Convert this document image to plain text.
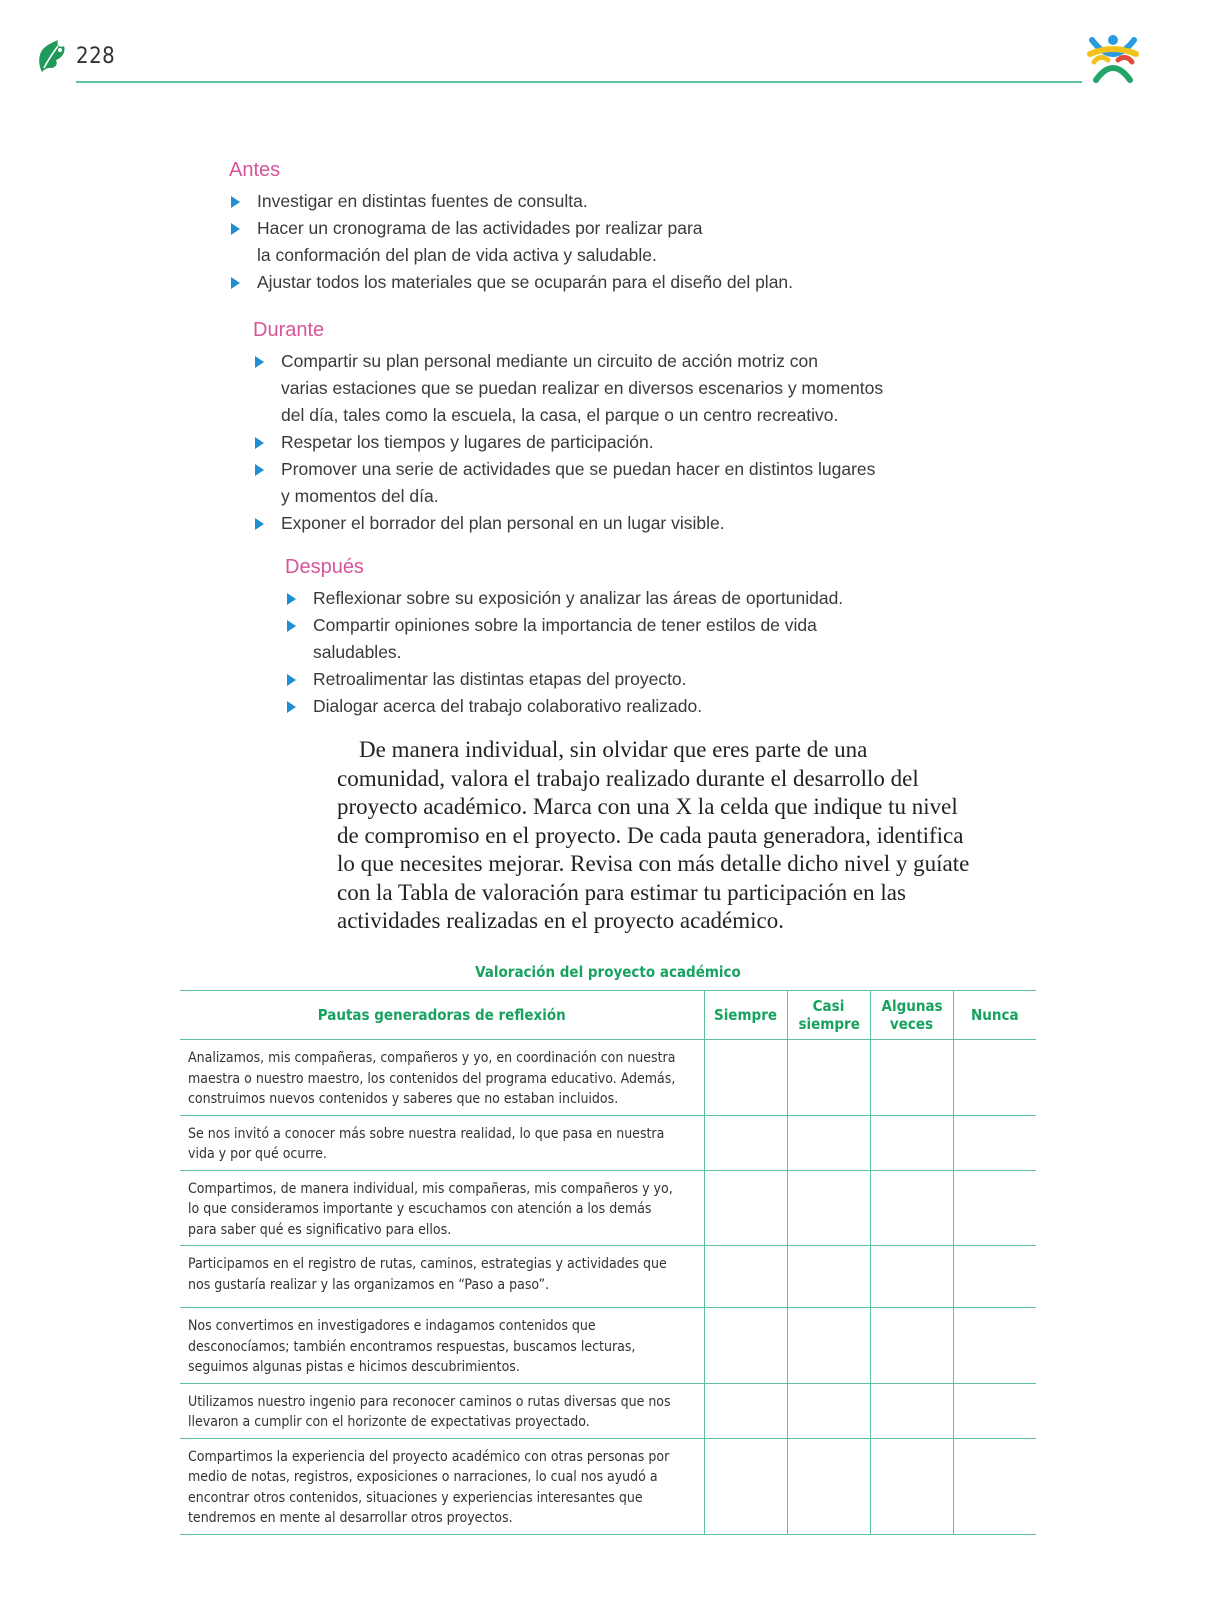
228
Antes
Investigar en distintas fuentes de consulta.
Hacer un cronograma de las actividades por realizar para
la conformación del plan de vida activa y saludable.
Ajustar todos los materiales que se ocuparán para el diseño del plan.
Durante
Compartir su plan personal mediante un circuito de acción motriz con
varias estaciones que se puedan realizar en diversos escenarios y momentos
del día, tales como la escuela, la casa, el parque o un centro recreativo.
Respetar los tiempos y lugares de participación.
Promover una serie de actividades que se puedan hacer en distintos lugares
y momentos del día.
Exponer el borrador del plan personal en un lugar visible.
Después
Reflexionar sobre su exposición y analizar las áreas de oportunidad.
Compartir opiniones sobre la importancia de tener estilos de vida
saludables.
Retroalimentar las distintas etapas del proyecto.
Dialogar acerca del trabajo colaborativo realizado.

De manera individual, sin olvidar que eres parte de una comunidad, valora el trabajo realizado durante el desarrollo del proyecto académico. Marca con una X la celda que indique tu nivel de compromiso en el proyecto. De cada pauta generadora, identifica lo que necesites mejorar. Revisa con más detalle dicho nivel y guíate con la Tabla de valoración para estimar tu participación en las actividades realizadas en el proyecto académico.

Valoración del proyecto académico
Pautas generadoras de reflexión	Siempre	Casi siempre	Algunas veces	Nunca
Analizamos, mis compañeras, compañeros y yo, en coordinación con nuestra maestra o nuestro maestro, los contenidos del programa educativo. Además, construimos nuevos contenidos y saberes que no estaban incluidos.				
Se nos invitó a conocer más sobre nuestra realidad, lo que pasa en nuestra vida y por qué ocurre.				
Compartimos, de manera individual, mis compañeras, mis compañeros y yo, lo que consideramos importante y escuchamos con atención a los demás para saber qué es significativo para ellos.				
Participamos en el registro de rutas, caminos, estrategias y actividades que nos gustaría realizar y las organizamos en “Paso a paso”.				
Nos convertimos en investigadores e indagamos contenidos que desconocíamos; también encontramos respuestas, buscamos lecturas, seguimos algunas pistas e hicimos descubrimientos.				
Utilizamos nuestro ingenio para reconocer caminos o rutas diversas que nos llevaron a cumplir con el horizonte de expectativas proyectado.				
Compartimos la experiencia del proyecto académico con otras personas por medio de notas, registros, exposiciones o narraciones, lo cual nos ayudó a encontrar otros contenidos, situaciones y experiencias interesantes que tendremos en mente al desarrollar otros proyectos.				
